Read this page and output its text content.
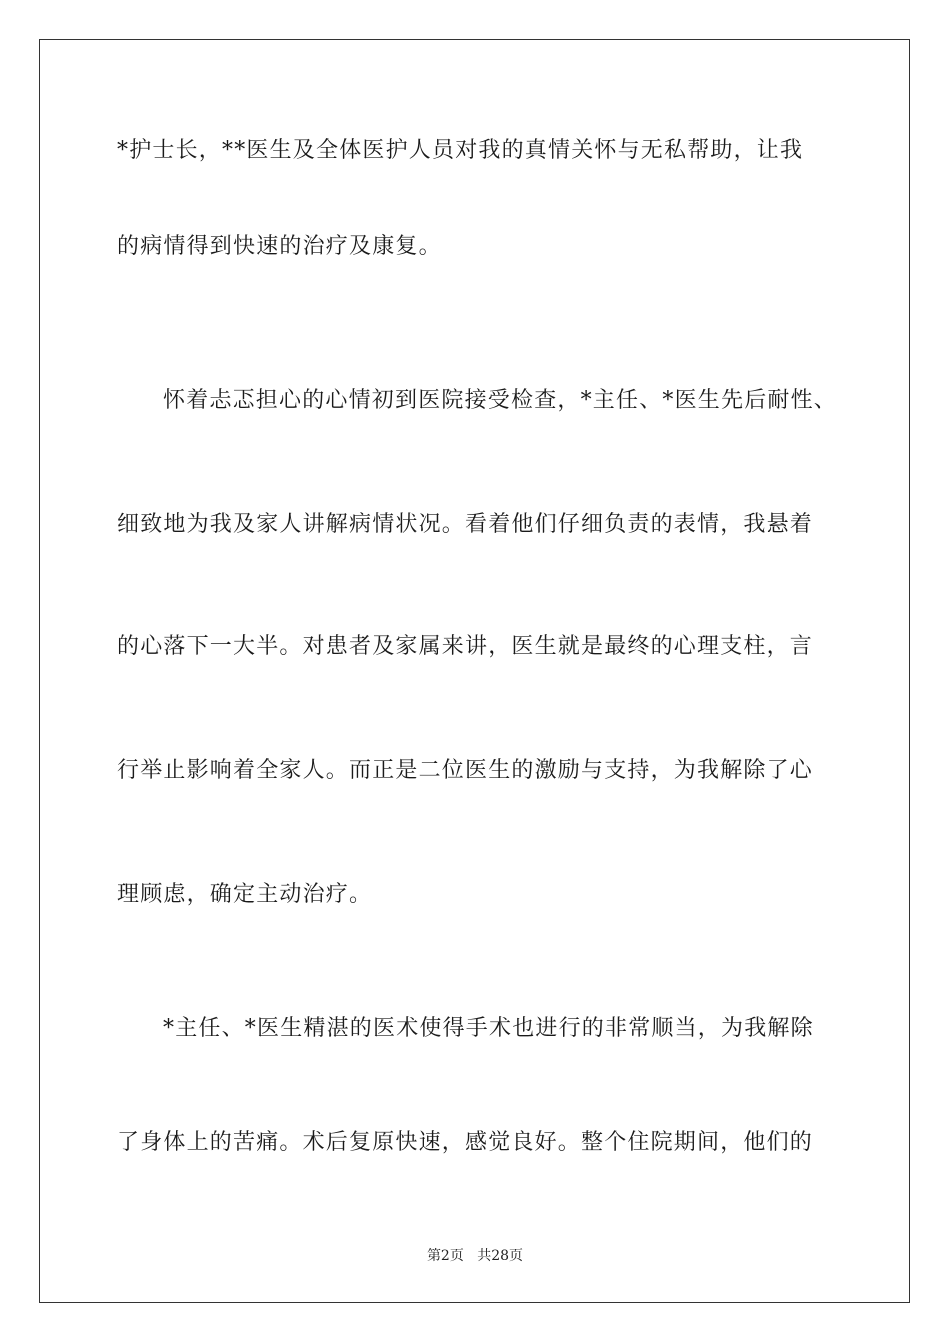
*护士长，**医生及全体医护人员对我的真情关怀与无私帮助，让我
的病情得到快速的治疗及康复。
怀着忐忑担心的心情初到医院接受检查，*主任、*医生先后耐性、
细致地为我及家人讲解病情状况。看着他们仔细负责的表情，我悬着
的心落下一大半。对患者及家属来讲，医生就是最终的心理支柱，言
行举止影响着全家人。而正是二位医生的激励与支持，为我解除了心
理顾虑，确定主动治疗。
*主任、*医生精湛的医术使得手术也进行的非常顺当，为我解除
了身体上的苦痛。术后复原快速，感觉良好。整个住院期间，他们的
第2页 共28页
